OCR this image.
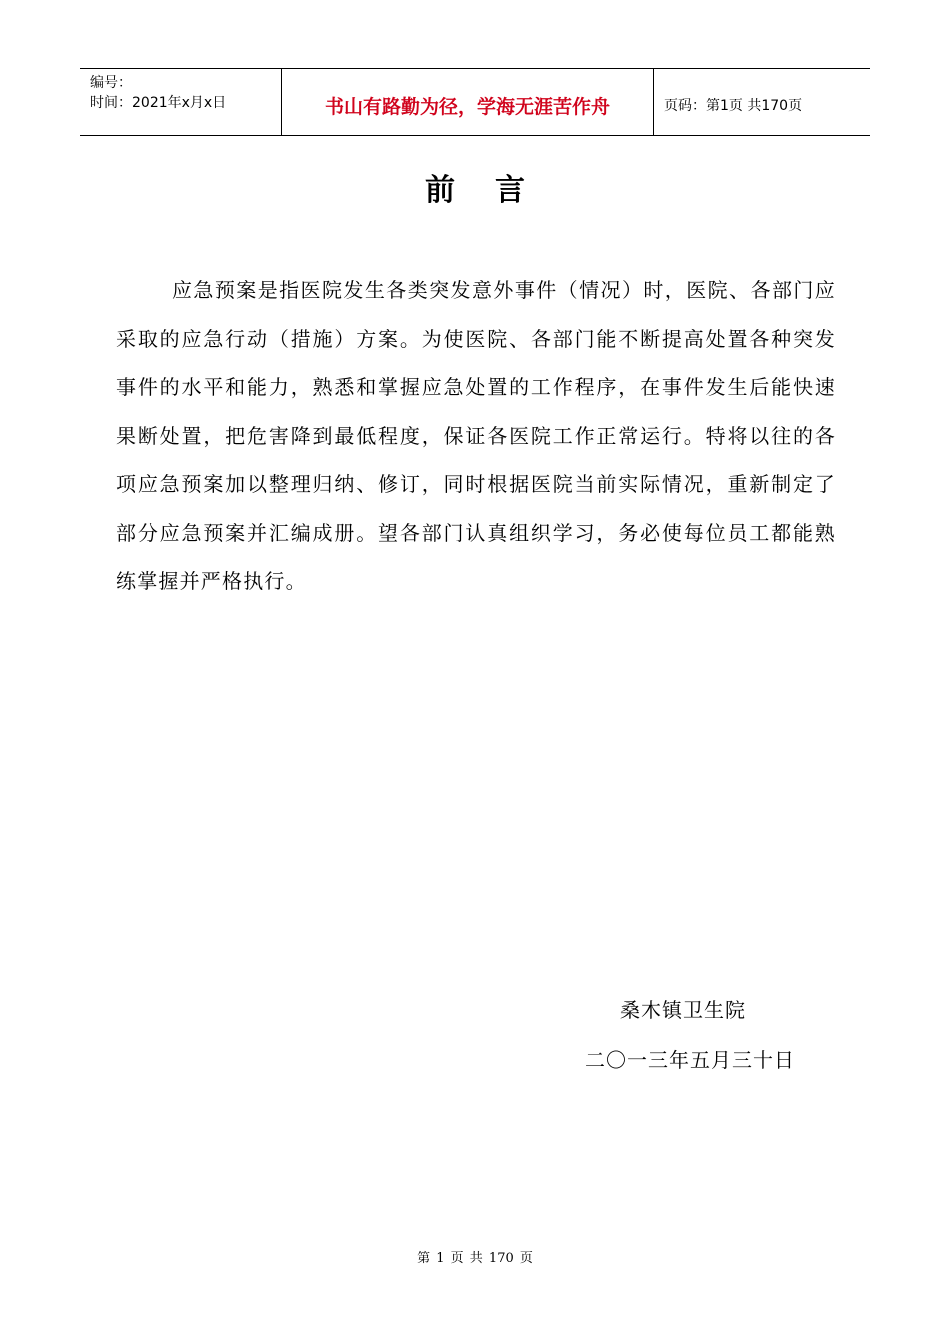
编号：
时间：2021年x月x日	书山有路勤为径，学海无涯苦作舟	页码：第1页 共170页
前言

应急预案是指医院发生各类突发意外事件（情况）时，医院、各部门应采取的应急行动（措施）方案。为使医院、各部门能不断提高处置各种突发事件的水平和能力，熟悉和掌握应急处置的工作程序，在事件发生后能快速果断处置，把危害降到最低程度，保证各医院工作正常运行。特将以往的各项应急预案加以整理归纳、修订，同时根据医院当前实际情况，重新制定了部分应急预案并汇编成册。望各部门认真组织学习，务必使每位员工都能熟练掌握并严格执行。

桑木镇卫生院
二〇一三年五月三十日
第 1 页 共 170 页
